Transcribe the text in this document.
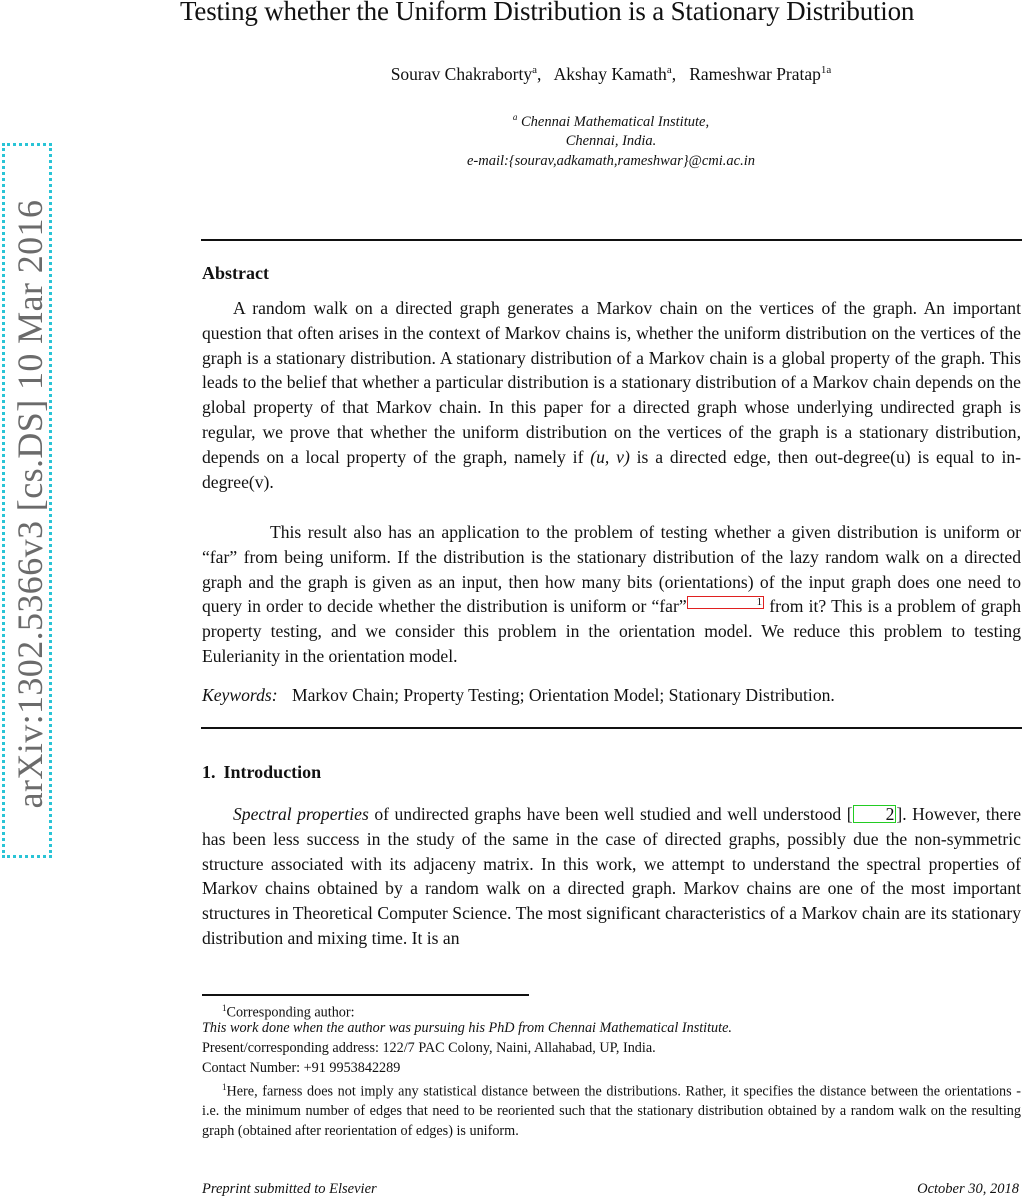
arXiv:1302.5366v3 [cs.DS] 10 Mar 2016
Testing whether the Uniform Distribution is a Stationary Distribution
Sourav Chakraborty$^a$,   Akshay Kamath$^a$,   Rameshwar Pratap$^{1a}$
$^a$ Chennai Mathematical Institute,
Chennai, India.
e-mail:{sourav,adkamath,rameshwar}@cmi.ac.in
Abstract
A random walk on a directed graph generates a Markov chain on the vertices of the graph. An important question that often arises in the context of Markov chains is, whether the uniform distribution on the vertices of the graph is a stationary distribution. A stationary distribution of a Markov chain is a global property of the graph. This leads to the belief that whether a particular distribution is a stationary distribution of a Markov chain depends on the global property of that Markov chain. In this paper for a directed graph whose underlying undirected graph is regular, we prove that whether the uniform distribution on the vertices of the graph is a stationary distribution, depends on a local property of the graph, namely if (u, v) is a directed edge, then out-degree(u) is equal to in-degree(v).
This result also has an application to the problem of testing whether a given distribution is uniform or “far” from being uniform. If the distribution is the stationary distribution of the lazy random walk on a directed graph and the graph is given as an input, then how many bits (orientations) of the input graph does one need to query in order to decide whether the distribution is uniform or “far”	1 from it? This is a problem of graph property testing, and we consider this problem in the orientation model. We reduce this problem to testing Eulerianity in the orientation model.
Keywords: Markov Chain; Property Testing; Orientation Model; Stationary Distribution.
1. Introduction
Spectral properties of undirected graphs have been well studied and well understood [ 2 ]. However, there has been less success in the study of the same in the case of directed graphs, possibly due the non-symmetric structure associated with its adjaceny matrix. In this work, we attempt to understand the spectral properties of Markov chains obtained by a random walk on a directed graph. Markov chains are one of the most important structures in Theoretical Computer Science. The most significant characteristics of a Markov chain are its stationary distribution and mixing time. It is an
$^1$Corresponding author:
This work done when the author was pursuing his PhD from Chennai Mathematical Institute.
Present/corresponding address: 122/7 PAC Colony, Naini, Allahabad, UP, India.
Contact Number: +91 9953842289
$^1$Here, farness does not imply any statistical distance between the distributions. Rather, it specifies the distance between the orientations - i.e. the minimum number of edges that need to be reoriented such that the stationary distribution obtained by a random walk on the resulting graph (obtained after reorientation of edges) is uniform.
Preprint submitted to Elsevier	October 30, 2018
